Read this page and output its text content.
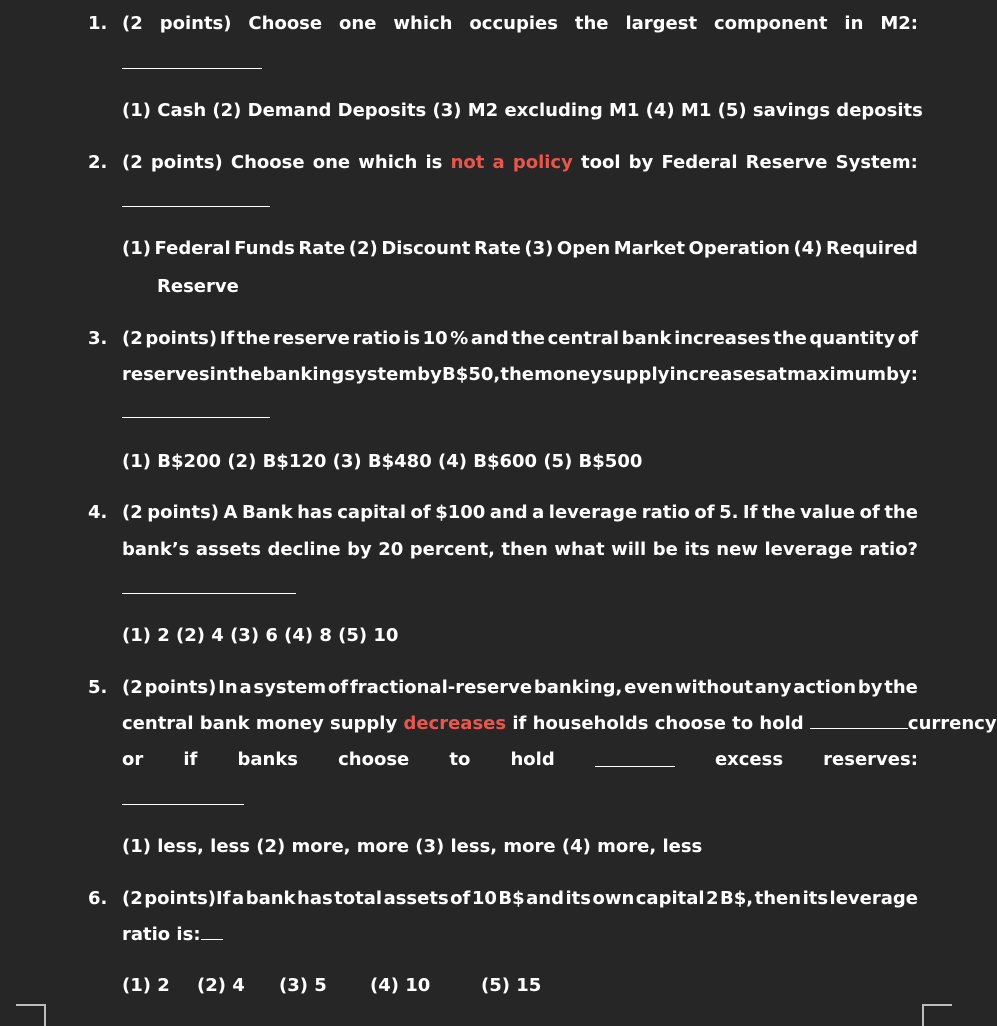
1. (2 points) Choose one which occupies the largest component in M2:
(1) Cash (2) Demand Deposits (3) M2 excluding M1 (4) M1 (5) savings deposits
2. (2 points) Choose one which is not a policy tool by Federal Reserve System:
(1) Federal Funds Rate (2) Discount Rate (3) Open Market Operation (4) Required
Reserve
3. (2 points) If the reserve ratio is 10 % and the central bank increases the quantity of
reserves in the banking system by B$ 50, the money supply increases at maximum by:
(1) B$200 (2) B$120 (3) B$480 (4) B$600 (5) B$500
4. (2 points) A Bank has capital of $100 and a leverage ratio of 5. If the value of the
bank’s assets decline by 20 percent, then what will be its new leverage ratio?
(1) 2 (2) 4 (3) 6 (4) 8 (5) 10
5. (2 points) In a system of fractional-reserve banking, even without any action by the
central bank money supply decreases if households choose to hold	currency
or if banks choose to hold	excess reserves:
(1) less, less (2) more, more (3) less, more (4) more, less
6. (2 points)If a bank has total assets of 10 B$ and its own capital 2 B$, then its leverage
ratio is:
(1) 2 (2) 4 (3) 5 (4) 10	(5) 15
